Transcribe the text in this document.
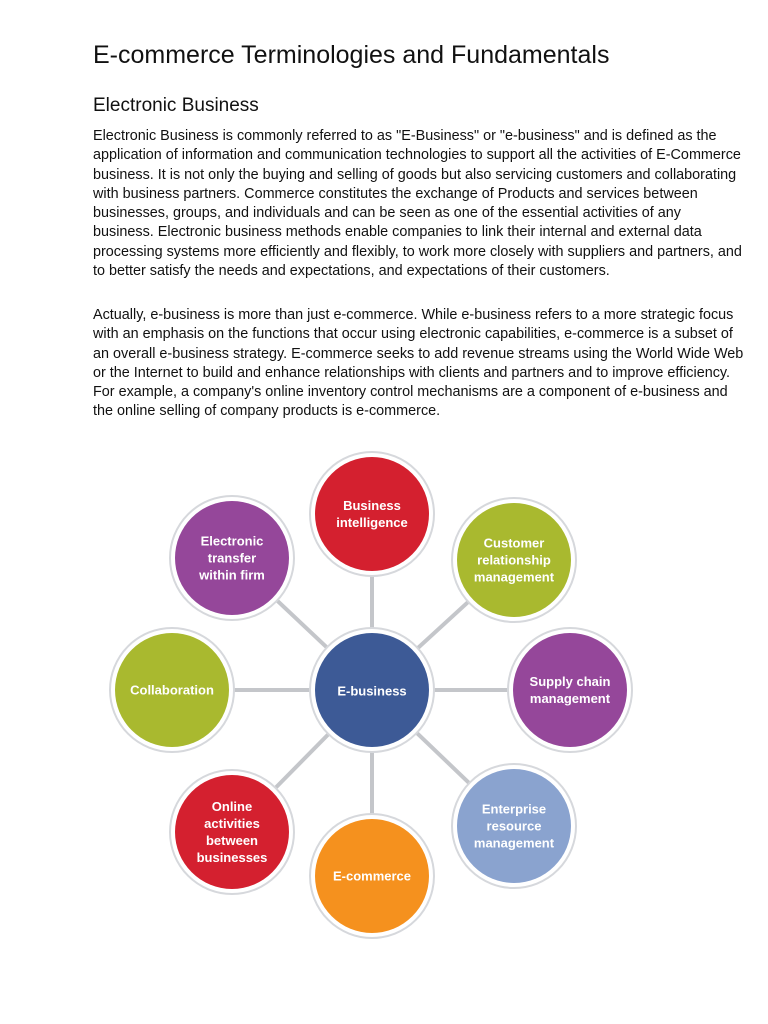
E-commerce Terminologies and Fundamentals
Electronic Business

Electronic Business is commonly referred to as "E-Business" or "e-business" and is defined as the application of information and communication technologies to support all the activities of E-Commerce business. It is not only the buying and selling of goods but also servicing customers and collaborating with business partners. Commerce constitutes the exchange of Products and services between businesses, groups, and individuals and can be seen as one of the essential activities of any business. Electronic business methods enable companies to link their internal and external data processing systems more efficiently and flexibly, to work more closely with suppliers and partners, and to better satisfy the needs and expectations, and expectations of their customers.

Actually, e-business is more than just e-commerce. While e-business refers to a more strategic focus with an emphasis on the functions that occur using electronic capabilities, e-commerce is a subset of an overall e-business strategy. E-commerce seeks to add revenue streams using the World Wide Web or the Internet to build and enhance relationships with clients and partners and to improve efficiency. For example, a company's online inventory control mechanisms are a component of e-business and the online selling of company products is e-commerce.

Business
intelligence
Customer
relationship
management
Supply chain
management
Enterprise
resource
management
E-commerce
Online
activities
between
businesses
Collaboration
Electronic
transfer
within firm
E-business
